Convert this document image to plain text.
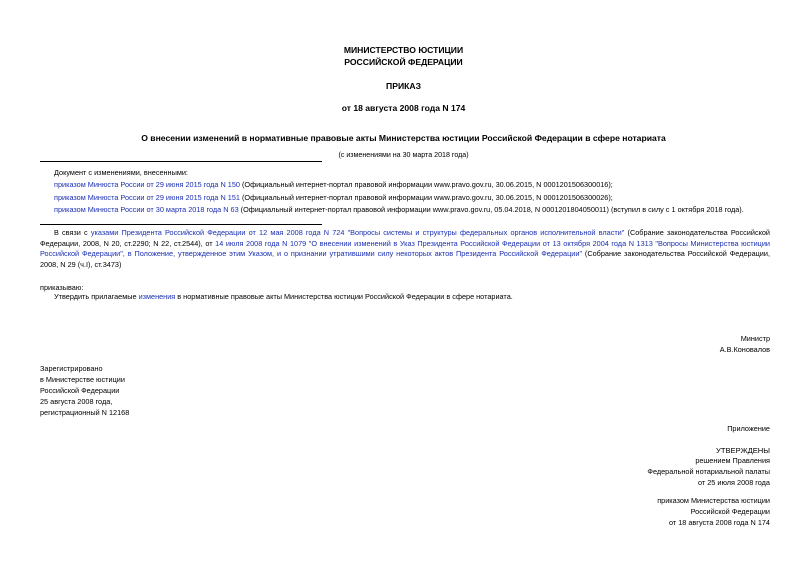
МИНИСТЕРСТВО ЮСТИЦИИ
РОССИЙСКОЙ ФЕДЕРАЦИИ
ПРИКАЗ
от 18 августа 2008 года N 174
О внесении изменений в нормативные правовые акты Министерства юстиции Российской Федерации в сфере нотариата
(с изменениями на 30 марта 2018 года)
Документ с изменениями, внесенными:
приказом Минюста России от 29 июня 2015 года N 150 (Официальный интернет-портал правовой информации www.pravo.gov.ru, 30.06.2015, N 0001201506300016);
приказом Минюста России от 29 июня 2015 года N 151 (Официальный интернет-портал правовой информации www.pravo.gov.ru, 30.06.2015, N 0001201506300026);
приказом Минюста России от 30 марта 2018 года N 63 (Официальный интернет-портал правовой информации www.pravo.gov.ru, 05.04.2018, N 0001201804050011) (вступил в силу с 1 октября 2018 года).
В связи с указами Президента Российской Федерации от 12 мая 2008 года N 724 "Вопросы системы и структуры федеральных органов исполнительной власти" (Собрание законодательства Российской Федерации, 2008, N 20, ст.2290; N 22, ст.2544), от 14 июля 2008 года N 1079 "О внесении изменений в Указ Президента Российской Федерации от 13 октября 2004 года N 1313 "Вопросы Министерства юстиции Российской Федерации", в Положение, утвержденное этим Указом, и о признании утратившими силу некоторых актов Президента Российской Федерации" (Собрание законодательства Российской Федерации, 2008, N 29 (ч.I), ст.3473)
приказываю:
Утвердить прилагаемые изменения в нормативные правовые акты Министерства юстиции Российской Федерации в сфере нотариата.
Министр
А.В.Коновалов
Зарегистрировано
в Министерстве юстиции
Российской Федерации
25 августа 2008 года,
регистрационный N 12168
Приложение
УТВЕРЖДЕНЫ
решением Правления
Федеральной нотариальной палаты
от 25 июля 2008 года
приказом Министерства юстиции
Российской Федерации
от 18 августа 2008 года N 174
